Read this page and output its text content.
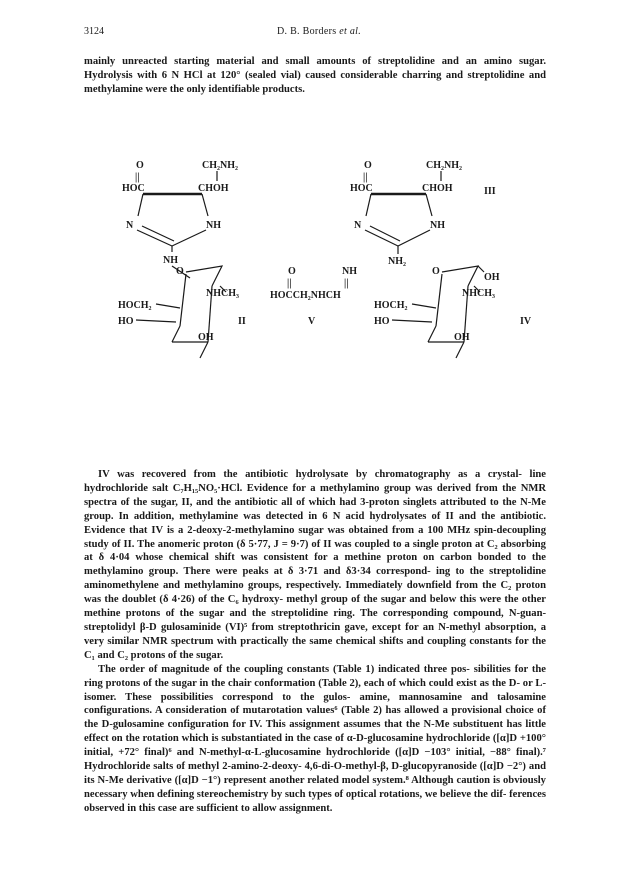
3124	D. B. Borders et al.

mainly unreacted starting material and small amounts of streptolidine and an amino sugar. Hydrolysis with 6 N HCl at 120° (sealed vial) caused considerable charring and streptolidine and methylamine were the only identifiable products.

O
||
HOC
CH₂NH₂
CHOH
N	NH
NH
O
NHCH₃
HOCH₂
HO
OH
II
O
||
NH
||
HOCCH₂NHCH
V
O
||
HOC
CH₂NH₂
CHOH
N	NH
NH₂
III
O
OH
NHCH₃
HOCH₂
HO
OH
IV

IV was recovered from the antibiotic hydrolysate by chromatography as a crystal- line hydrochloride salt C₇H₁₅NO₅·HCl. Evidence for a methylamino group was derived from the NMR spectra of the sugar, II, and the antibiotic all of which had 3-proton singlets attributed to the N-Me group. In addition, methylamine was detected in 6 N acid hydrolysates of II and the antibiotic. Evidence that IV is a 2-deoxy-2-methylamino sugar was obtained from a 100 MHz spin-decoupling study of II. The anomeric proton (δ 5·77, J = 9·7) of II was coupled to a single proton at C₂ absorbing at δ 4·04 whose chemical shift was consistent for a methine proton on carbon bonded to the methylamino group. There were peaks at δ 3·71 and δ3·34 correspond- ing to the streptolidine aminomethylene and methylamino groups, respectively. Immediately downfield from the C₂ proton was the doublet (δ 4·26) of the C₆ hydroxy- methyl group of the sugar and below this were the other methine protons of the sugar and the streptolidine ring. The corresponding compound, N-guan-streptolidyl β-D gulosaminide (VI)⁵ from streptothricin gave, except for an N-methyl absorption, a very similar NMR spectrum with practically the same chemical shifts and coupling constants for the C₁ and C₂ protons of the sugar.

The order of magnitude of the coupling constants (Table 1) indicated three pos- sibilities for the ring protons of the sugar in the chair conformation (Table 2), each of which could exist as the D- or L-isomer. These possibilities correspond to the gulos- amine, mannosamine and talosamine configurations. A consideration of mutarotation values⁶ (Table 2) has allowed a provisional choice of the D-gulosamine configuration for IV. This assignment assumes that the N-Me substituent has little effect on the rotation which is substantiated in the case of α-D-glucosamine hydrochloride ([α]D +100° initial, +72° final)⁶ and N-methyl-α-L-glucosamine hydrochloride ([α]D −103° initial, −88° final).⁷ Hydrochloride salts of methyl 2-amino-2-deoxy- 4,6-di-O-methyl-β, D-glucopyranoside ([α]D −2°) and its N-Me derivative ([α]D −1°) represent another related model system.⁸ Although caution is obviously necessary when defining stereochemistry by such types of optical rotations, we believe the dif- ferences observed in this case are sufficient to allow assignment.
